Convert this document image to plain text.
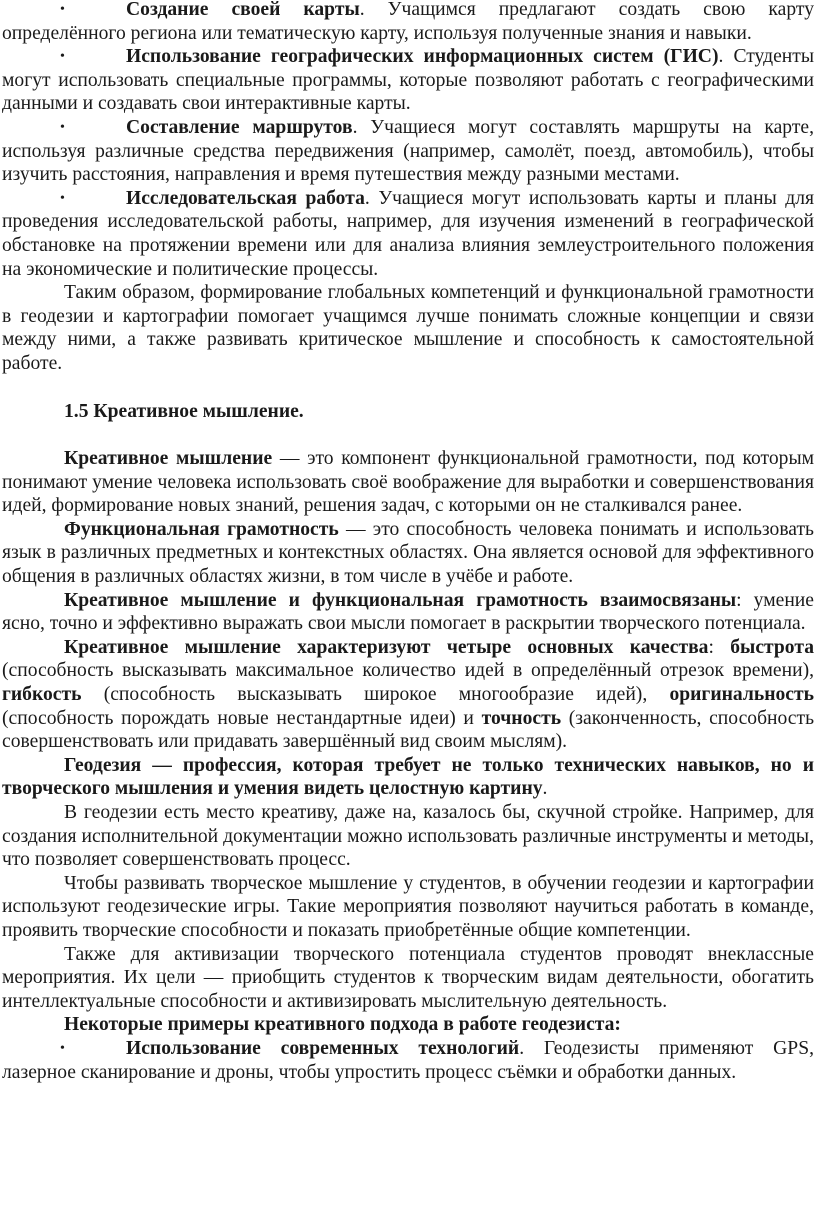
•	Создание своей карты. Учащимся предлагают создать свою карту определённого региона или тематическую карту, используя полученные знания и навыки.

•	Использование географических информационных систем (ГИС). Студенты могут использовать специальные программы, которые позволяют работать с географическими данными и создавать свои интерактивные карты.

•	Составление маршрутов. Учащиеся могут составлять маршруты на карте, используя различные средства передвижения (например, самолёт, поезд, автомобиль), чтобы изучить расстояния, направления и время путешествия между разными местами.

•	Исследовательская работа. Учащиеся могут использовать карты и планы для проведения исследовательской работы, например, для изучения изменений в географической обстановке на протяжении времени или для анализа влияния землеустроительного положения на экономические и политические процессы.

Таким образом, формирование глобальных компетенций и функциональной грамотности в геодезии и картографии помогает учащимся лучше понимать сложные концепции и связи между ними, а также развивать критическое мышление и способность к самостоятельной работе.

1.5 Креативное мышление.

Креативное мышление — это компонент функциональной грамотности, под которым понимают умение человека использовать своё воображение для выработки и совершенствования идей, формирование новых знаний, решения задач, с которыми он не сталкивался ранее.

Функциональная грамотность — это способность человека понимать и использовать язык в различных предметных и контекстных областях. Она является основой для эффективного общения в различных областях жизни, в том числе в учёбе и работе.

Креативное мышление и функциональная грамотность взаимосвязаны: умение ясно, точно и эффективно выражать свои мысли помогает в раскрытии творческого потенциала.

Креативное мышление характеризуют четыре основных качества: быстрота (способность высказывать максимальное количество идей в определённый отрезок времени), гибкость (способность высказывать широкое многообразие идей), оригинальность (способность порождать новые нестандартные идеи) и точность (законченность, способность совершенствовать или придавать завершённый вид своим мыслям).

Геодезия — профессия, которая требует не только технических навыков, но и творческого мышления и умения видеть целостную картину.

В геодезии есть место креативу, даже на, казалось бы, скучной стройке. Например, для создания исполнительной документации можно использовать различные инструменты и методы, что позволяет совершенствовать процесс.

Чтобы развивать творческое мышление у студентов, в обучении геодезии и картографии используют геодезические игры. Такие мероприятия позволяют научиться работать в команде, проявить творческие способности и показать приобретённые общие компетенции.

Также для активизации творческого потенциала студентов проводят внеклассные мероприятия. Их цели — приобщить студентов к творческим видам деятельности, обогатить интеллектуальные способности и активизировать мыслительную деятельность.

Некоторые примеры креативного подхода в работе геодезиста:

•	Использование современных технологий. Геодезисты применяют GPS, лазерное сканирование и дроны, чтобы упростить процесс съёмки и обработки данных.
